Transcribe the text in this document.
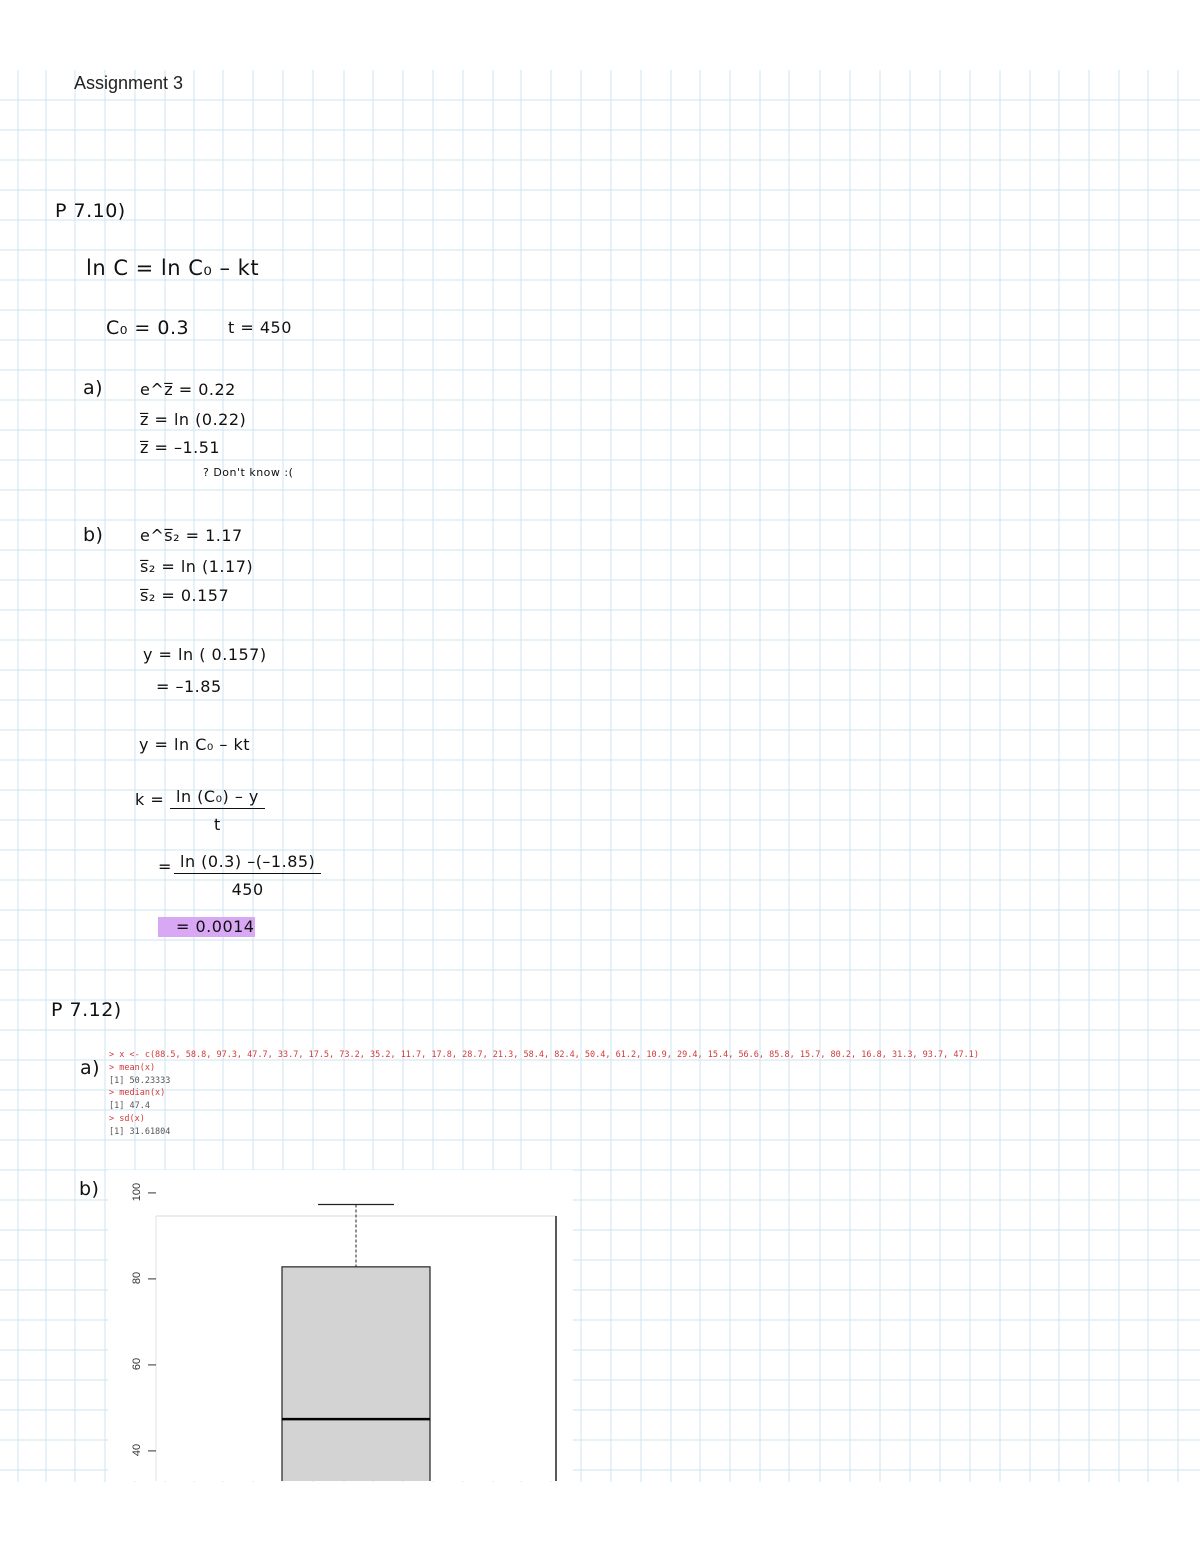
Assignment 3
P 7.10)
ln C = ln C₀ – kt
C₀ = 0.3 t = 450
a) e^z̅ = 0.22
z̅ = ln (0.22)
z̅ = –1.51
? Don't know :(
b) e^s̅₂ = 1.17
s̅₂ = ln (1.17)
s̅₂ = 0.157
y = ln ( 0.157)
= –1.85
y = ln C₀ – kt
$k = \frac{\text{ln (C₀) – y}}{t}$
= $\frac{\ln (0.3) -(-1.85)}{450}$
= 0.0014
P 7.12)
a)
> x <- c(88.5, 58.8, 97.3, 47.7, 33.7, 17.5, 73.2, 35.2, 11.7, 17.8, 28.7, 21.3, 58.4, 82.4, 50.4, 61.2, 10.9, 29.4, 15.4, 56.6, 85.8, 15.7, 80.2, 16.8, 31.3, 93.7, 47.1)
> mean(x)
[1] 50.23333
> median(x)
[1] 47.4
> sd(x)
[1] 31.61804
b)	100
80
60
40
